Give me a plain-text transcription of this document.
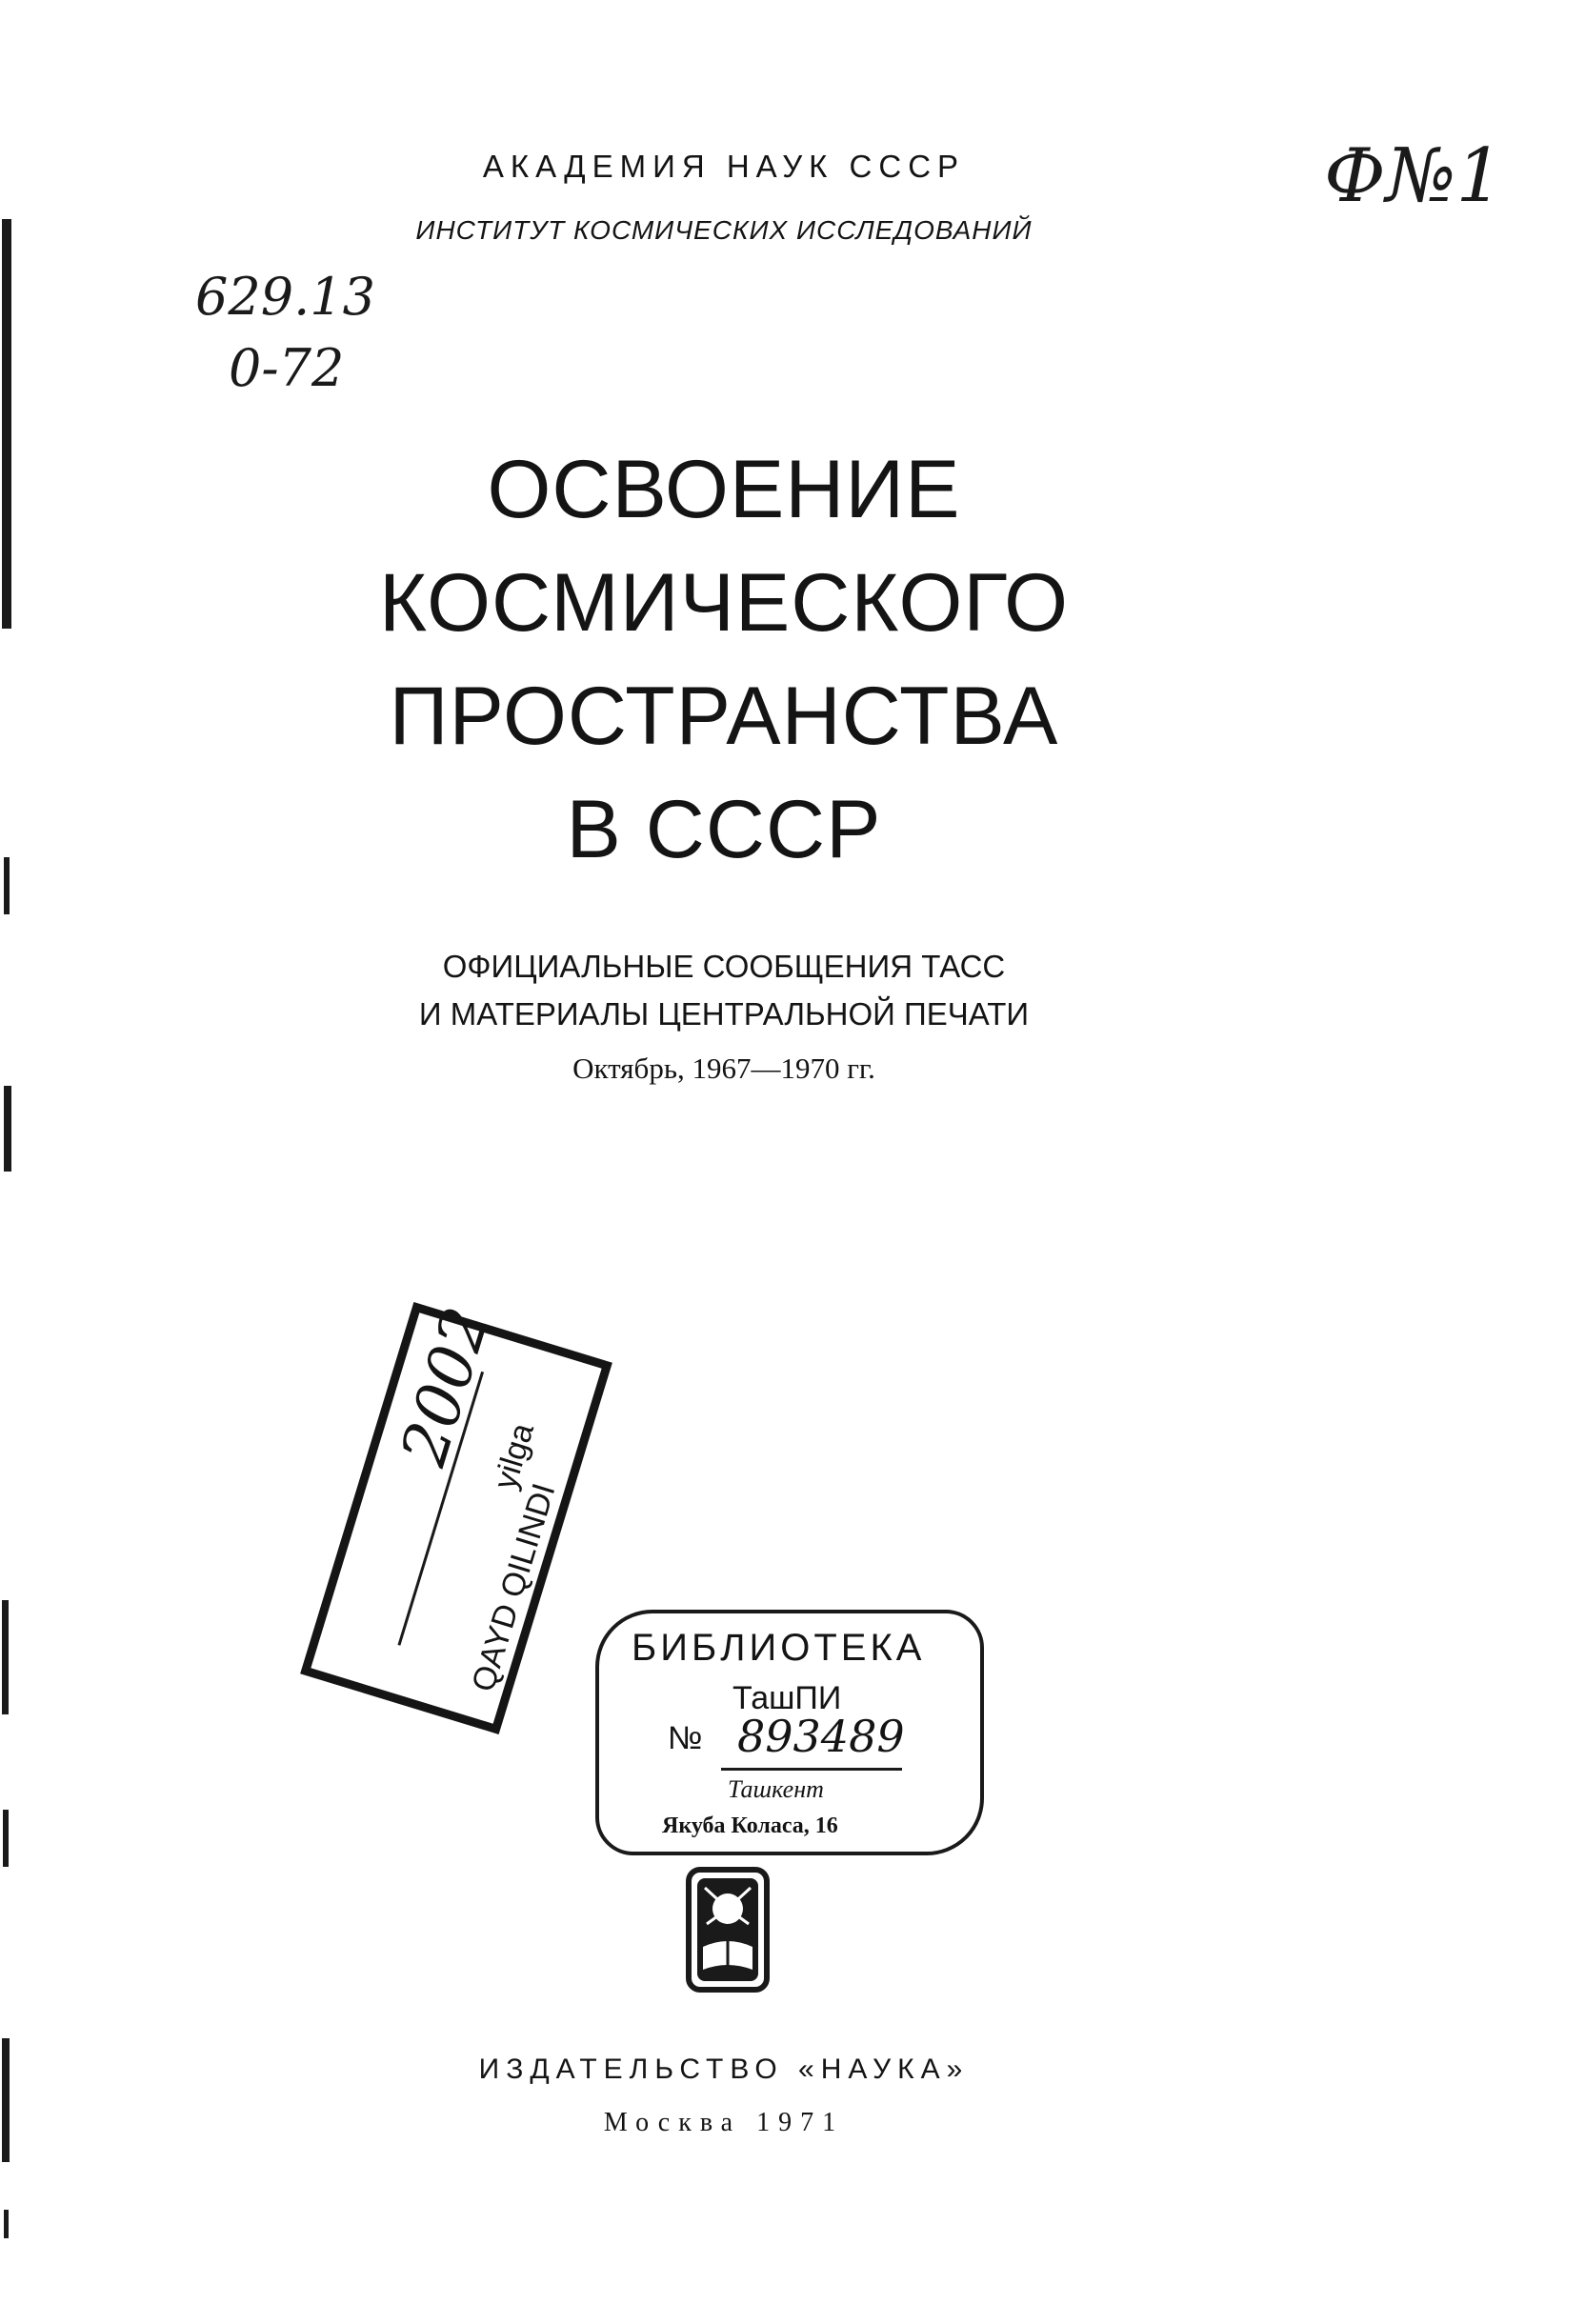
АКАДЕМИЯ НАУК СССР
ИНСТИТУТ КОСМИЧЕСКИХ ИССЛЕДОВАНИЙ
629.13
0-72
Ф№1
ОСВОЕНИЕ
КОСМИЧЕСКОГО
ПРОСТРАНСТВА
В СССР
ОФИЦИАЛЬНЫЕ СООБЩЕНИЯ ТАСС
И МАТЕРИАЛЫ ЦЕНТРАЛЬНОЙ ПЕЧАТИ
Октябрь, 1967—1970 гг.
2002
yilga
QAYD QILINDI БИБЛИОТЕКА
ТашПИ
№ 893489
Ташкент
Якуба Коласа, 16
ИЗДАТЕЛЬСТВО «НАУКА»
Москва 1971
